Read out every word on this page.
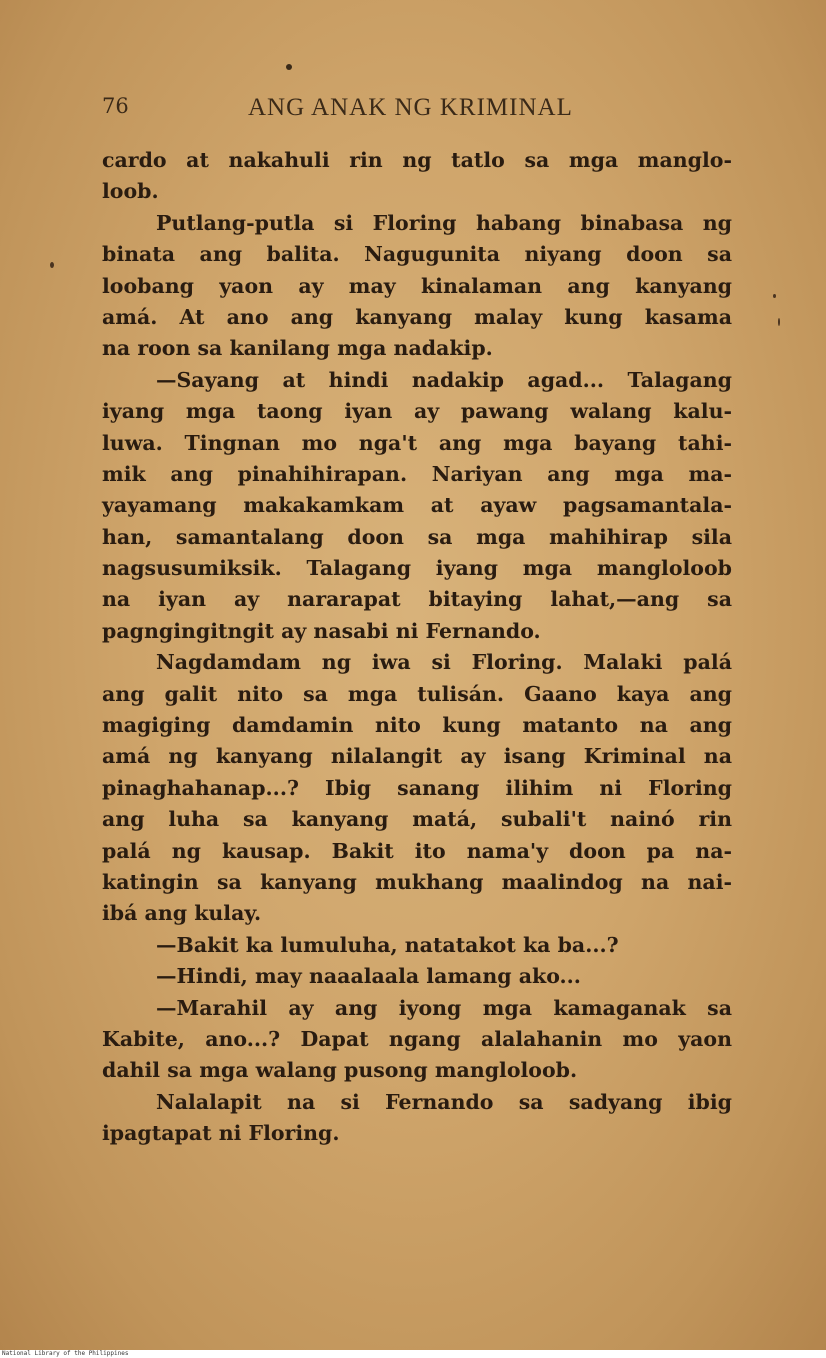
76	ANG ANAK NG KRIMINAL
cardo at nakahuli rin ng tatlo sa mga manglo-
loob.
Putlang-putla si Floring habang binabasa ng
binata ang balita. Nagugunita niyang doon sa
loobang yaon ay may kinalaman ang kanyang
amá. At ano ang kanyang malay kung kasama
na roon sa kanilang mga nadakip.
—Sayang at hindi nadakip agad... Talagang
iyang mga taong iyan ay pawang walang kalu-
luwa. Tingnan mo nga't ang mga bayang tahi-
mik ang pinahihirapan. Nariyan ang mga ma-
yayamang makakamkam at ayaw pagsamantala-
han, samantalang doon sa mga mahihirap sila
nagsusumiksik. Talagang iyang mga mangloloob
na iyan ay nararapat bitaying lahat,—ang sa
pagngingitngit ay nasabi ni Fernando.
Nagdamdam ng iwa si Floring. Malaki palá
ang galit nito sa mga tulisán. Gaano kaya ang
magiging damdamin nito kung matanto na ang
amá ng kanyang nilalangit ay isang Kriminal na
pinaghahanap...? Ibig sanang ilihim ni Floring
ang luha sa kanyang matá, subali't nainó rin
palá ng kausap. Bakit ito nama'y doon pa na-
katingin sa kanyang mukhang maalindog na nai-
ibá ang kulay.
—Bakit ka lumuluha, natatakot ka ba...?
—Hindi, may naaalaala lamang ako...
—Marahil ay ang iyong mga kamaganak sa
Kabite, ano...? Dapat ngang alalahanin mo yaon
dahil sa mga walang pusong mangloloob.
Nalalapit na si Fernando sa sadyang ibig
ipagtapat ni Floring.
National Library of the Philippines
